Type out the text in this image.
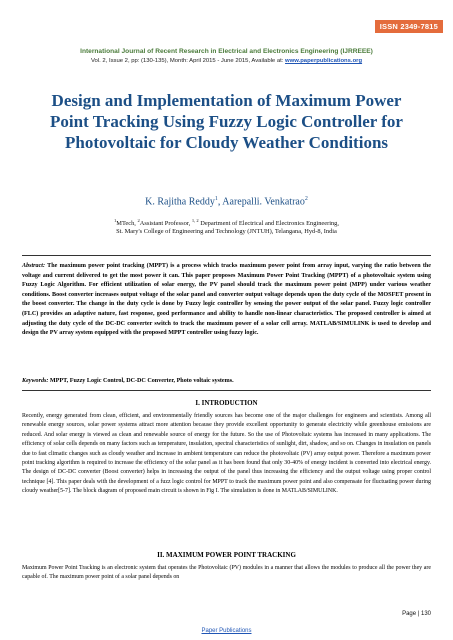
ISSN 2349-7815
International Journal of Recent Research in Electrical and Electronics Engineering (IJRREEE)
Vol. 2, Issue 2, pp: (130-135), Month: April 2015 - June 2015, Available at: www.paperpublications.org
Design and Implementation of Maximum Power Point Tracking Using Fuzzy Logic Controller for Photovoltaic for Cloudy Weather Conditions
K. Rajitha Reddy$^1$, Aarepalli. Venkatrao$^2$
$^1$MTech, $^2$Assistant Professor, $^{1, 2}$ Department of Electrical and Electronics Engineering,
St. Mary's College of Engineering and Technology (JNTUH), Telangana, Hyd-8, India
Abstract: The maximum power point tracking (MPPT) is a process which tracks maximum power point from array input, varying the ratio between the voltage and current delivered to get the most power it can. This paper proposes Maximum Power Point Tracking (MPPT) of a photovoltaic system using Fuzzy Logic Algorithm. For efficient utilization of solar energy, the PV panel should track the maximum power point (MPP) under various weather conditions. Boost converter increases output voltage of the solar panel and converter output voltage depends upon the duty cycle of the MOSFET present in the boost converter. The change in the duty cycle is done by Fuzzy logic controller by sensing the power output of the solar panel. Fuzzy logic controller (FLC) provides an adaptive nature, fast response, good performance and ability to handle non-linear characteristics. The proposed controller is aimed at adjusting the duty cycle of the DC-DC converter switch to track the maximum power of a solar cell array. MATLAB/SIMULINK is used to develop and design the PV array system equipped with the proposed MPPT controller using fuzzy logic.
Keywords: MPPT, Fuzzy Logic Control, DC-DC Converter, Photo voltaic systems.
I. INTRODUCTION
Recently, energy generated from clean, efficient, and environmentally friendly sources has become one of the major challenges for engineers and scientists. Among all renewable energy sources, solar power systems attract more attention because they provide excellent opportunity to generate electricity while greenhouse emissions are reduced. And solar energy is viewed as clean and renewable source of energy for the future. So the use of Photovoltaic systems has increased in many applications. The efficiency of solar cells depends on many factors such as temperature, insulation, spectral characteristics of sunlight, dirt, shadow, and so on. Changes in insulation on panels due to fast climatic changes such as cloudy weather and increase in ambient temperature can reduce the photovoltaic (PV) array output power. Therefore a maximum power point tracking algorithm is required to increase the efficiency of the solar panel as it has been found that only 30-40% of energy incident is converted into electrical energy. The design of DC-DC converter (Boost converter) helps in increasing the output of the panel thus increasing the efficiency and the output voltage using proper control technique [4]. This paper deals with the development of a fuzz logic control for MPPT to track the maximum power point and also compensate for fluctuating power during cloudy weather[5-7]. The block diagram of proposed main circuit is shown in Fig I. The simulation is done in MATLAB/SIMULINK.
II. MAXIMUM POWER POINT TRACKING
Maximum Power Point Tracking is an electronic system that operates the Photovoltaic (PV) modules in a manner that allows the modules to produce all the power they are capable of. The maximum power point of a solar panel depends on
Page | 130
Paper Publications
